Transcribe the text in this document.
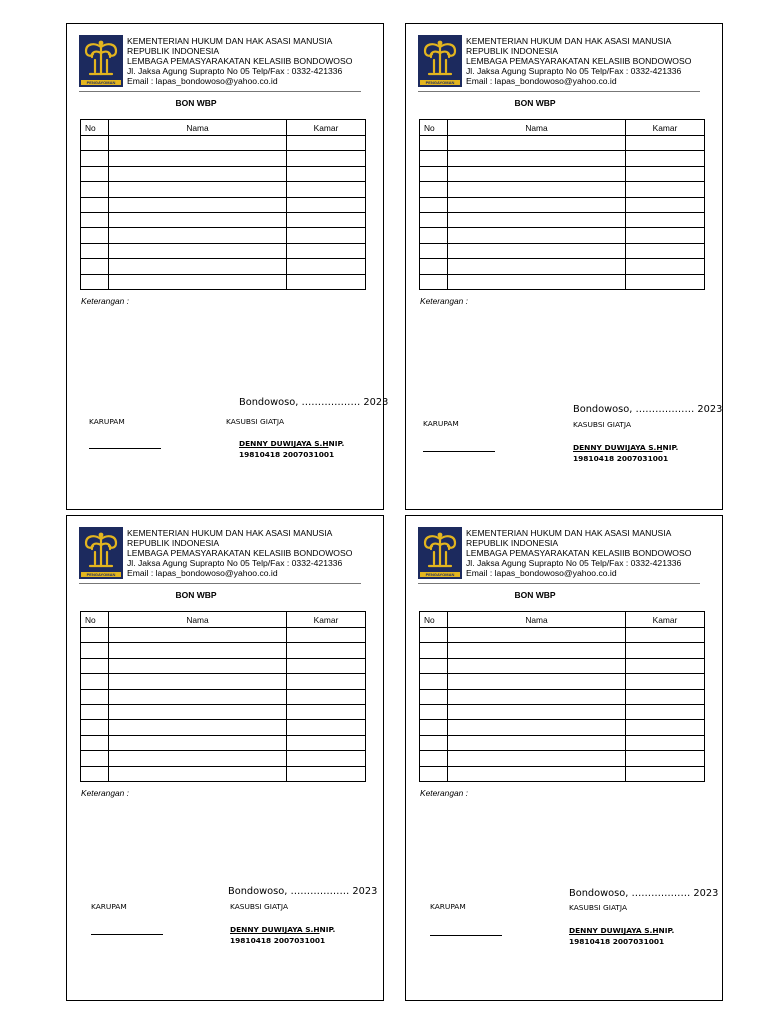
PENGAYOMAN
KEMENTERIAN HUKUM DAN HAK ASASI MANUSIA
REPUBLIK INDONESIA
LEMBAGA PEMASYARAKATAN KELASIIB BONDOWOSO
Jl. Jaksa Agung Suprapto No 05 Telp/Fax : 0332-421336
Email : lapas_bondowoso@yahoo.co.id
BON WBP
No	Nama	Kamar

Keterangan :
Bondowoso, ……………… 2023
KARUPAM	KASUBSI GIATJA
DENNY DUWIJAYA S.HNIP.
19810418 2007031001
PENGAYOMAN
KEMENTERIAN HUKUM DAN HAK ASASI MANUSIA
REPUBLIK INDONESIA
LEMBAGA PEMASYARAKATAN KELASIIB BONDOWOSO
Jl. Jaksa Agung Suprapto No 05 Telp/Fax : 0332-421336
Email : lapas_bondowoso@yahoo.co.id
BON WBP
No	Nama	Kamar

Keterangan :
Bondowoso, ……………… 2023
KARUPAM	KASUBSI GIATJA
DENNY DUWIJAYA S.HNIP.
19810418 2007031001
PENGAYOMAN
KEMENTERIAN HUKUM DAN HAK ASASI MANUSIA
REPUBLIK INDONESIA
LEMBAGA PEMASYARAKATAN KELASIIB BONDOWOSO
Jl. Jaksa Agung Suprapto No 05 Telp/Fax : 0332-421336
Email : lapas_bondowoso@yahoo.co.id
BON WBP
No	Nama	Kamar

Keterangan :
Bondowoso, ……………… 2023
KARUPAM	KASUBSI GIATJA
DENNY DUWIJAYA S.HNIP.
19810418 2007031001
PENGAYOMAN
KEMENTERIAN HUKUM DAN HAK ASASI MANUSIA
REPUBLIK INDONESIA
LEMBAGA PEMASYARAKATAN KELASIIB BONDOWOSO
Jl. Jaksa Agung Suprapto No 05 Telp/Fax : 0332-421336
Email : lapas_bondowoso@yahoo.co.id
BON WBP
No	Nama	Kamar

Keterangan :
Bondowoso, ……………… 2023
KARUPAM	KASUBSI GIATJA
DENNY DUWIJAYA S.HNIP.
19810418 2007031001
